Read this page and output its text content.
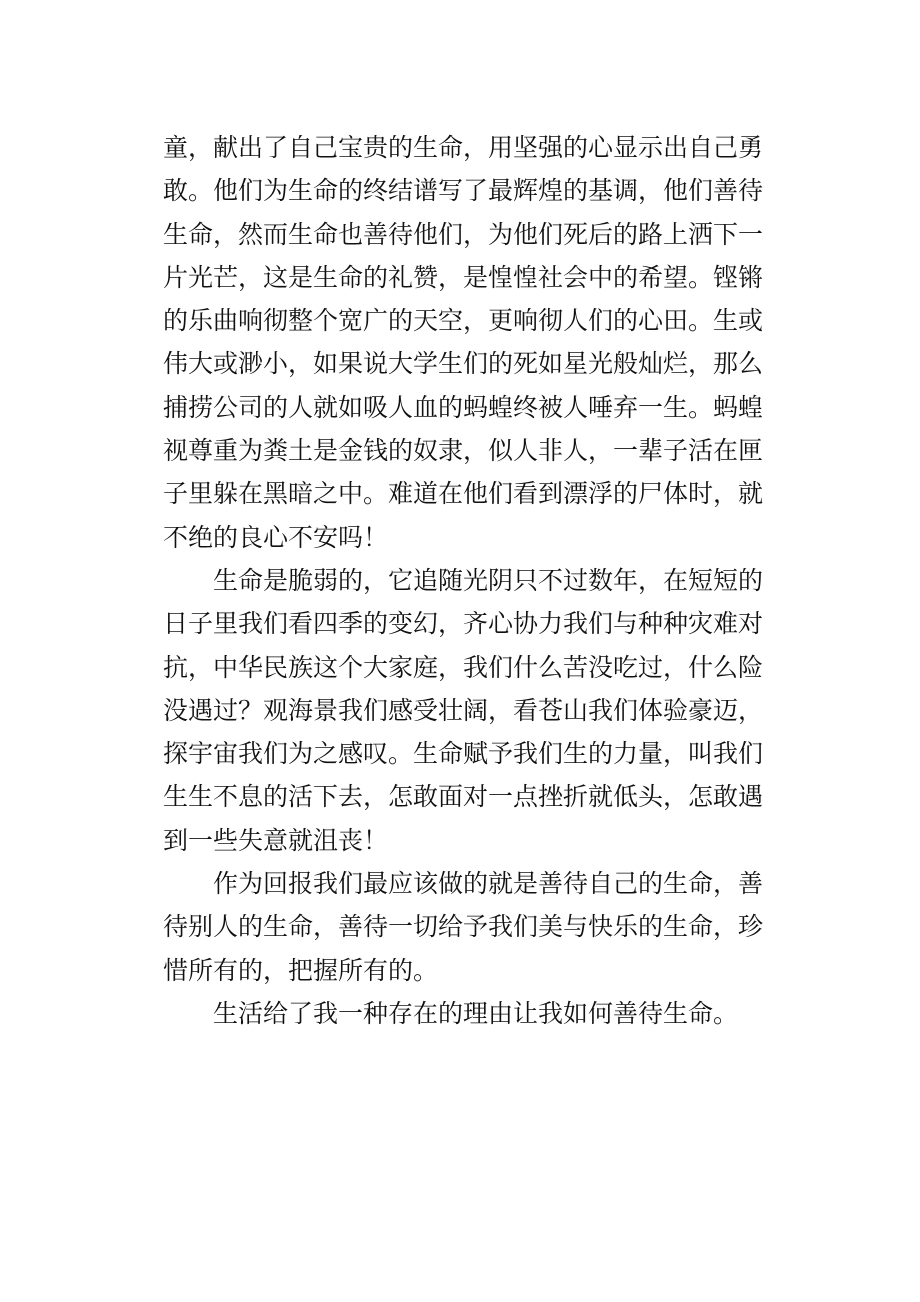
童，献出了自己宝贵的生命，用坚强的心显示出自己勇
敢。他们为生命的终结谱写了最辉煌的基调，他们善待
生命，然而生命也善待他们，为他们死后的路上洒下一
片光芒，这是生命的礼赞，是惶惶社会中的希望。铿锵
的乐曲响彻整个宽广的天空，更响彻人们的心田。生或
伟大或渺小，如果说大学生们的死如星光般灿烂，那么
捕捞公司的人就如吸人血的蚂蝗终被人唾弃一生。蚂蝗
视尊重为粪土是金钱的奴隶，似人非人，一辈子活在匣
子里躲在黑暗之中。难道在他们看到漂浮的尸体时，就
不绝的良心不安吗！
生命是脆弱的，它追随光阴只不过数年，在短短的
日子里我们看四季的变幻，齐心协力我们与种种灾难对
抗，中华民族这个大家庭，我们什么苦没吃过，什么险
没遇过？观海景我们感受壮阔，看苍山我们体验豪迈，
探宇宙我们为之感叹。生命赋予我们生的力量，叫我们
生生不息的活下去，怎敢面对一点挫折就低头，怎敢遇
到一些失意就沮丧！
作为回报我们最应该做的就是善待自己的生命，善
待别人的生命，善待一切给予我们美与快乐的生命，珍
惜所有的，把握所有的。
生活给了我一种存在的理由让我如何善待生命。
